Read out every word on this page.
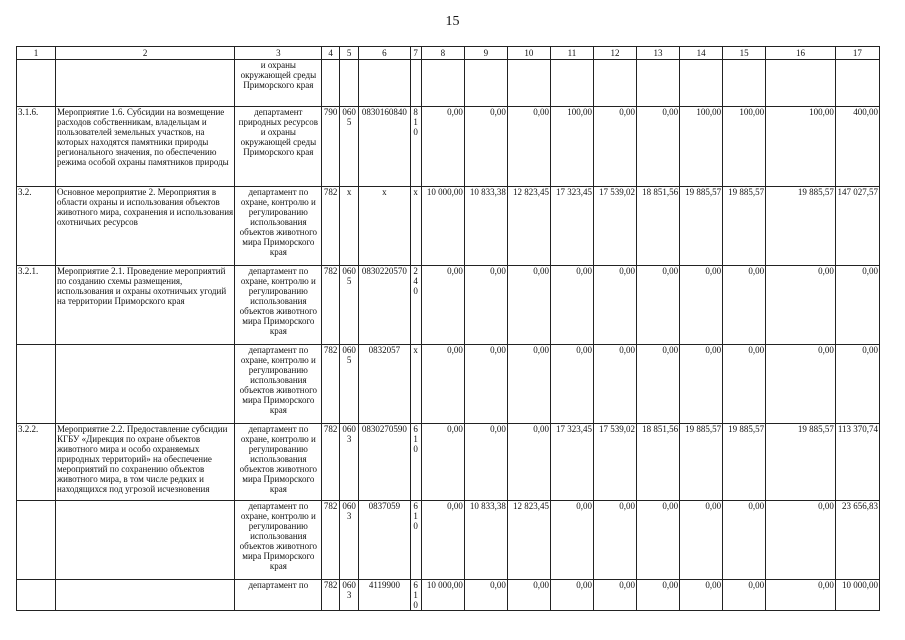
15
1	2	3	4	5	6	7	8	9	10	11	12	13	14	15	16	17
		и охраны окружающей среды Приморского края														
3.1.6.	Мероприятие 1.6. Субсидии на возмещение расходов собственникам, владельцам и пользователей земельных участков, на которых находятся памятники природы регионального значения, по обеспечению режима особой охраны памятников природы	департамент природных ресурсов и охраны окружающей среды Приморского края	790	0605	0830160840	810	0,00	0,00	0,00	100,00	0,00	0,00	100,00	100,00	100,00	400,00
3.2.	Основное мероприятие 2. Мероприятия в области охраны и использования объектов животного мира, сохранения и использования охотничьих ресурсов	департамент по охране, контролю и регулированию использования объектов животного мира Приморского края	782	х	х	х	10 000,00	10 833,38	12 823,45	17 323,45	17 539,02	18 851,56	19 885,57	19 885,57	19 885,57	147 027,57
3.2.1.	Мероприятие 2.1. Проведение мероприятий по созданию схемы размещения, использования и охраны охотничьих угодий на территории Приморского края	департамент по охране, контролю и регулированию использования объектов животного мира Приморского края	782	0605	0830220570	240	0,00	0,00	0,00	0,00	0,00	0,00	0,00	0,00	0,00	0,00
		департамент по охране, контролю и регулированию использования объектов животного мира Приморского края	782	0605	0832057	х	0,00	0,00	0,00	0,00	0,00	0,00	0,00	0,00	0,00	0,00
3.2.2.	Мероприятие 2.2. Предоставление субсидии КГБУ «Дирекция по охране объектов животного мира и особо охраняемых природных территорий» на обеспечение мероприятий по сохранению объектов животного мира, в том числе редких и находящихся под угрозой исчезновения	департамент по охране, контролю и регулированию использования объектов животного мира Приморского края	782	0603	0830270590	610	0,00	0,00	0,00	17 323,45	17 539,02	18 851,56	19 885,57	19 885,57	19 885,57	113 370,74
		департамент по охране, контролю и регулированию использования объектов животного мира Приморского края	782	0603	0837059	610	0,00	10 833,38	12 823,45	0,00	0,00	0,00	0,00	0,00	0,00	23 656,83
		департамент по	782	0603	4119900	610	10 000,00	0,00	0,00	0,00	0,00	0,00	0,00	0,00	0,00	10 000,00
